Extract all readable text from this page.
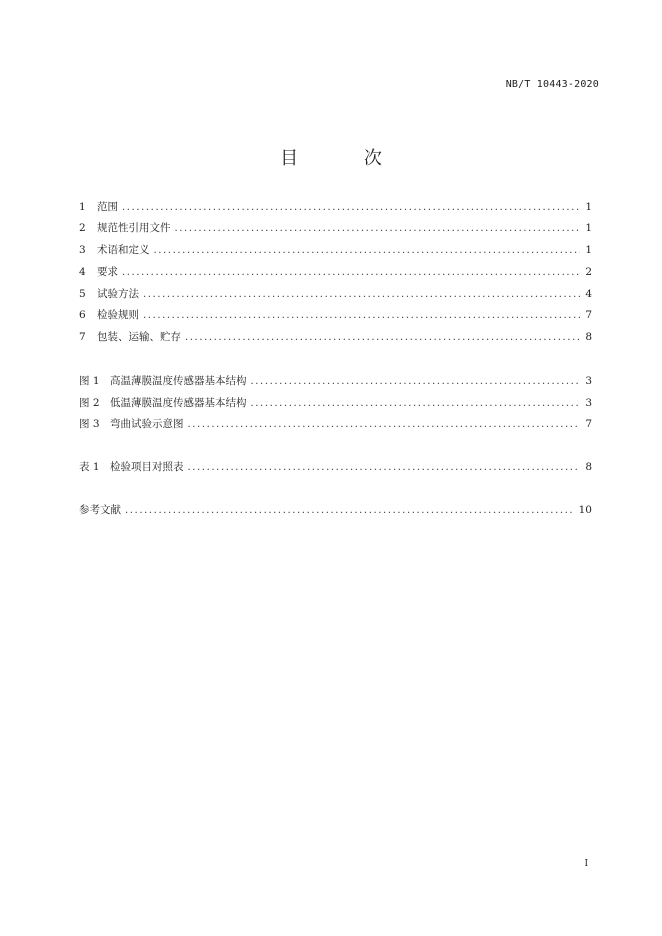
NB/T 10443-2020
目 次
1	范围 .....	1
2	规范性引用文件 .....	1
3	术语和定义 .....	1
4	要求 .....	2
5	试验方法 .....	4
6	检验规则 .....	7
7	包装、运输、贮存 .....	8
图 1 高温薄膜温度传感器基本结构 .....	3
图 2 低温薄膜温度传感器基本结构 .....	3
图 3 弯曲试验示意图 .....	7
表 1 检验项目对照表 .....	8
参考文献 .....	10
I
